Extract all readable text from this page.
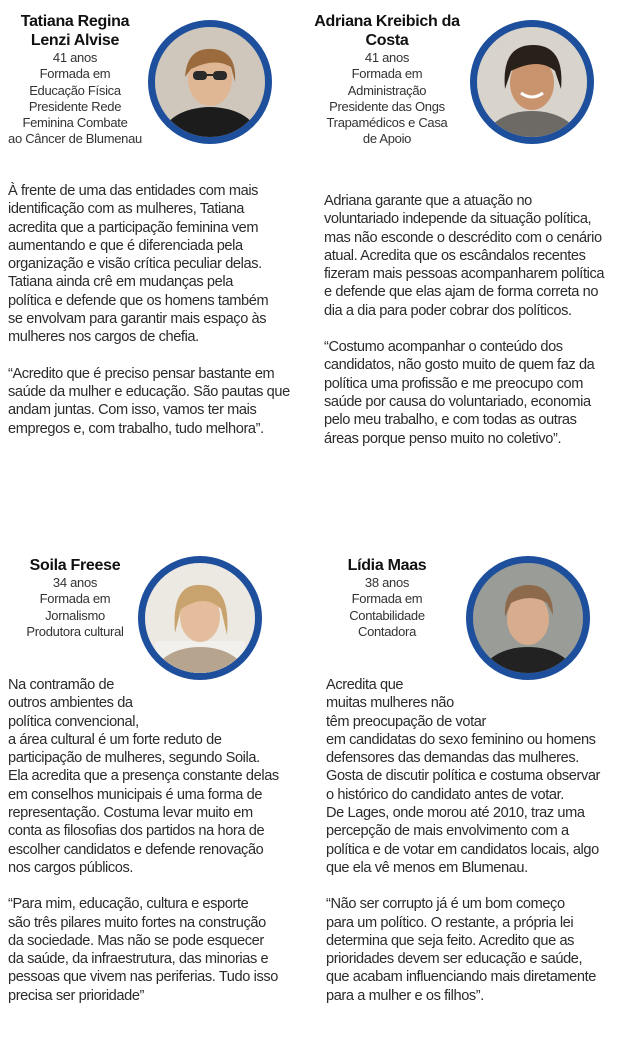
Tatiana Regina
Lenzi Alvise
41 anos
Formada em
Educação Física
Presidente Rede
Feminina Combate
ao Câncer de Blumenau

À frente de uma das entidades com mais
identificação com as mulheres, Tatiana
acredita que a participação feminina vem
aumentando e que é diferenciada pela
organização e visão crítica peculiar delas.
Tatiana ainda crê em mudanças pela
política e defende que os homens também
se envolvam para garantir mais espaço às
mulheres nos cargos de chefia.

“Acredito que é preciso pensar bastante em
saúde da mulher e educação. São pautas que
andam juntas. Com isso, vamos ter mais
empregos e, com trabalho, tudo melhora”.

Adriana Kreibich da
Costa
41 anos
Formada em
Administração
Presidente das Ongs
Trapamédicos e Casa
de Apoio

Adriana garante que a atuação no
voluntariado independe da situação política,
mas não esconde o descrédito com o cenário
atual. Acredita que os escândalos recentes
fizeram mais pessoas acompanharem política
e defende que elas ajam de forma correta no
dia a dia para poder cobrar dos políticos.

“Costumo acompanhar o conteúdo dos
candidatos, não gosto muito de quem faz da
política uma profissão e me preocupo com
saúde por causa do voluntariado, economia
pelo meu trabalho, e com todas as outras
áreas porque penso muito no coletivo”.

Soila Freese
34 anos
Formada em
Jornalismo
Produtora cultural

Na contramão de
outros ambientes da
política convencional,
a área cultural é um forte reduto de
participação de mulheres, segundo Soila.
Ela acredita que a presença constante delas
em conselhos municipais é uma forma de
representação. Costuma levar muito em
conta as filosofias dos partidos na hora de
escolher candidatos e defende renovação
nos cargos públicos.

“Para mim, educação, cultura e esporte
são três pilares muito fortes na construção
da sociedade. Mas não se pode esquecer
da saúde, da infraestrutura, das minorias e
pessoas que vivem nas periferias. Tudo isso
precisa ser prioridade”

Lídia Maas
38 anos
Formada em
Contabilidade
Contadora

Acredita que
muitas mulheres não
têm preocupação de votar
em candidatas do sexo feminino ou homens
defensores das demandas das mulheres.
Gosta de discutir política e costuma observar
o histórico do candidato antes de votar.
De Lages, onde morou até 2010, traz uma
percepção de mais envolvimento com a
política e de votar em candidatos locais, algo
que ela vê menos em Blumenau.

“Não ser corrupto já é um bom começo
para um político. O restante, a própria lei
determina que seja feito. Acredito que as
prioridades devem ser educação e saúde,
que acabam influenciando mais diretamente
para a mulher e os filhos”.
